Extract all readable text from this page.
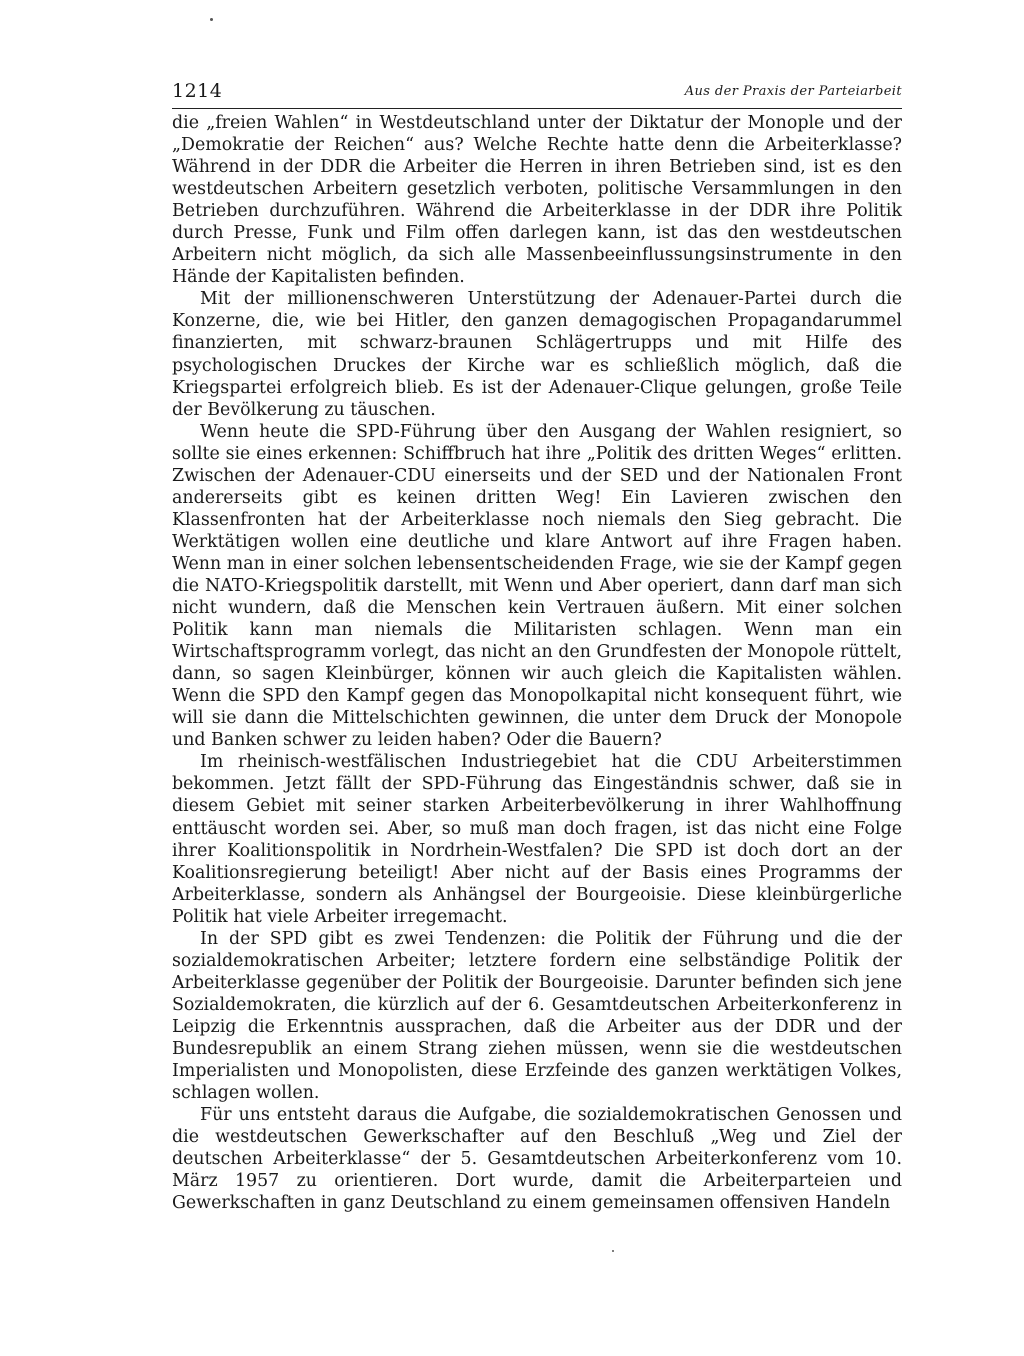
1214	Aus der Praxis der Parteiarbeit

die „freien Wahlen“ in Westdeutschland unter der Diktatur der Monople und der „Demokratie der Reichen“ aus? Welche Rechte hatte denn die Arbeiterklasse? Während in der DDR die Arbeiter die Herren in ihren Betrieben sind, ist es den westdeutschen Arbeitern gesetzlich verboten, politische Versammlungen in den Betrieben durchzuführen. Während die Arbeiterklasse in der DDR ihre Politik durch Presse, Funk und Film offen darlegen kann, ist das den westdeutschen Arbeitern nicht möglich, da sich alle Massenbeeinflussungsinstrumente in den Hände der Kapitalisten befinden.

Mit der millionenschweren Unterstützung der Adenauer-Partei durch die Konzerne, die, wie bei Hitler, den ganzen demagogischen Propagandarummel finanzierten, mit schwarz-braunen Schlägertrupps und mit Hilfe des psychologischen Druckes der Kirche war es schließlich möglich, daß die Kriegspartei erfolgreich blieb. Es ist der Adenauer-Clique gelungen, große Teile der Bevölkerung zu täuschen.

Wenn heute die SPD-Führung über den Ausgang der Wahlen resigniert, so sollte sie eines erkennen: Schiffbruch hat ihre „Politik des dritten Weges“ erlitten. Zwischen der Adenauer-CDU einerseits und der SED und der Nationalen Front andererseits gibt es keinen dritten Weg! Ein Lavieren zwischen den Klassenfronten hat der Arbeiterklasse noch niemals den Sieg gebracht. Die Werktätigen wollen eine deutliche und klare Antwort auf ihre Fragen haben. Wenn man in einer solchen lebensentscheidenden Frage, wie sie der Kampf gegen die NATO-Kriegspolitik darstellt, mit Wenn und Aber operiert, dann darf man sich nicht wundern, daß die Menschen kein Vertrauen äußern. Mit einer solchen Politik kann man niemals die Militaristen schlagen. Wenn man ein Wirtschaftsprogramm vorlegt, das nicht an den Grundfesten der Monopole rüttelt, dann, so sagen Kleinbürger, können wir auch gleich die Kapitalisten wählen. Wenn die SPD den Kampf gegen das Monopolkapital nicht konsequent führt, wie will sie dann die Mittelschichten gewinnen, die unter dem Druck der Monopole und Banken schwer zu leiden haben? Oder die Bauern?

Im rheinisch-westfälischen Industriegebiet hat die CDU Arbeiterstimmen bekommen. Jetzt fällt der SPD-Führung das Eingeständnis schwer, daß sie in diesem Gebiet mit seiner starken Arbeiterbevölkerung in ihrer Wahlhoffnung enttäuscht worden sei. Aber, so muß man doch fragen, ist das nicht eine Folge ihrer Koalitionspolitik in Nordrhein-Westfalen? Die SPD ist doch dort an der Koalitionsregierung beteiligt! Aber nicht auf der Basis eines Programms der Arbeiterklasse, sondern als Anhängsel der Bourgeoisie. Diese kleinbürgerliche Politik hat viele Arbeiter irregemacht.

In der SPD gibt es zwei Tendenzen: die Politik der Führung und die der sozialdemokratischen Arbeiter; letztere fordern eine selbständige Politik der Arbeiterklasse gegenüber der Politik der Bourgeoisie. Darunter befinden sich jene Sozialdemokraten, die kürzlich auf der 6. Gesamtdeutschen Arbeiterkonferenz in Leipzig die Erkenntnis aussprachen, daß die Arbeiter aus der DDR und der Bundesrepublik an einem Strang ziehen müssen, wenn sie die westdeutschen Imperialisten und Monopolisten, diese Erzfeinde des ganzen werktätigen Volkes, schlagen wollen.

Für uns entsteht daraus die Aufgabe, die sozialdemokratischen Genossen und die westdeutschen Gewerkschafter auf den Beschluß „Weg und Ziel der deutschen Arbeiterklasse“ der 5. Gesamtdeutschen Arbeiterkonferenz vom 10. März 1957 zu orientieren. Dort wurde, damit die Arbeiterparteien und Gewerkschaften in ganz Deutschland zu einem gemeinsamen offensiven Handeln
